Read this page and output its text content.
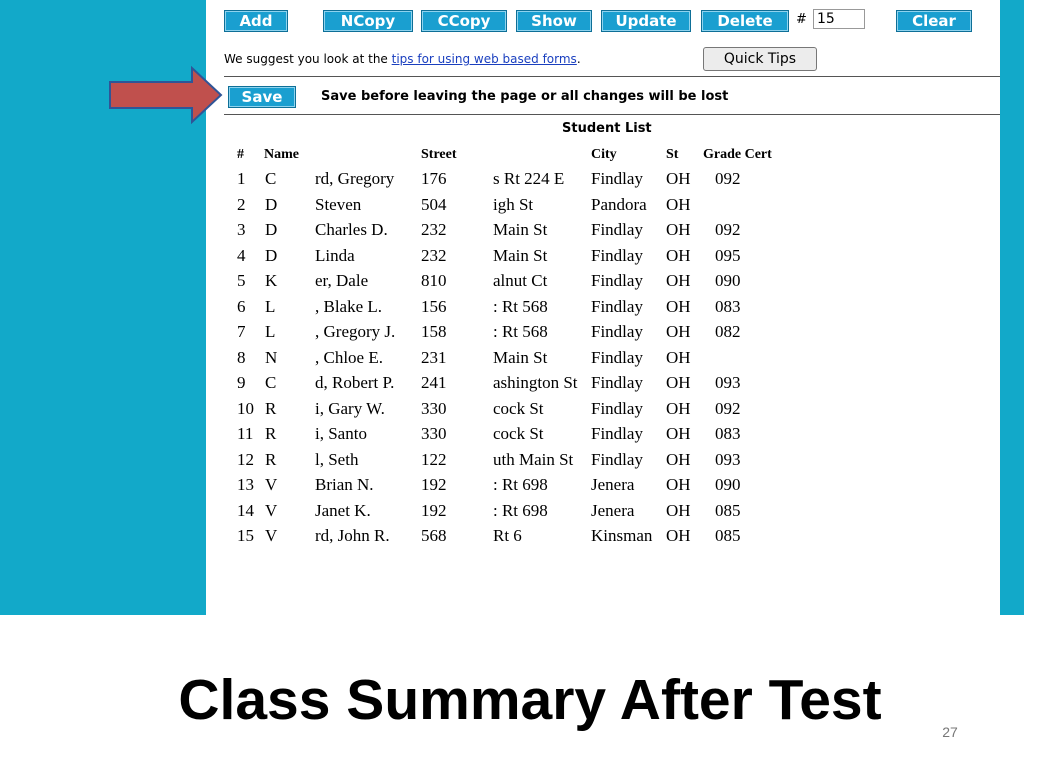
Add	NCopy	CCopy	Show	Update	Delete	#
15	Clear
We suggest you look at the tips for using web based forms.	Quick Tips
Save	Save before leaving the page or all changes will be lost
Student List
#	Name	Street	City	St	Grade Cert
1	C rd, Gregory	176	s Rt 224 E	Findlay	OH	092
2	D Steven	504	igh St	Pandora	OH
3	D Charles D.	232	Main St	Findlay	OH	092
4	D Linda	232	Main St	Findlay	OH	095
5	K er, Dale	810	alnut Ct	Findlay	OH	090
6	L , Blake L.	156	: Rt 568	Findlay	OH	083
7	L , Gregory J.	158	: Rt 568	Findlay	OH	082
8	N , Chloe E.	231	Main St	Findlay	OH
9	C d, Robert P.	241	ashington St Findlay	OH	093
10 R i, Gary W.	330	cock St	Findlay	OH	092
11 R i, Santo	330	cock St	Findlay	OH	083
12 R l, Seth	122	uth Main St	Findlay	OH	093
13 V Brian N.	192	: Rt 698	Jenera	OH	090
14 V Janet K.	192	: Rt 698	Jenera	OH	085
15 V rd, John R.	568	Rt 6	Kinsman OH	085
Class Summary After Test	27
